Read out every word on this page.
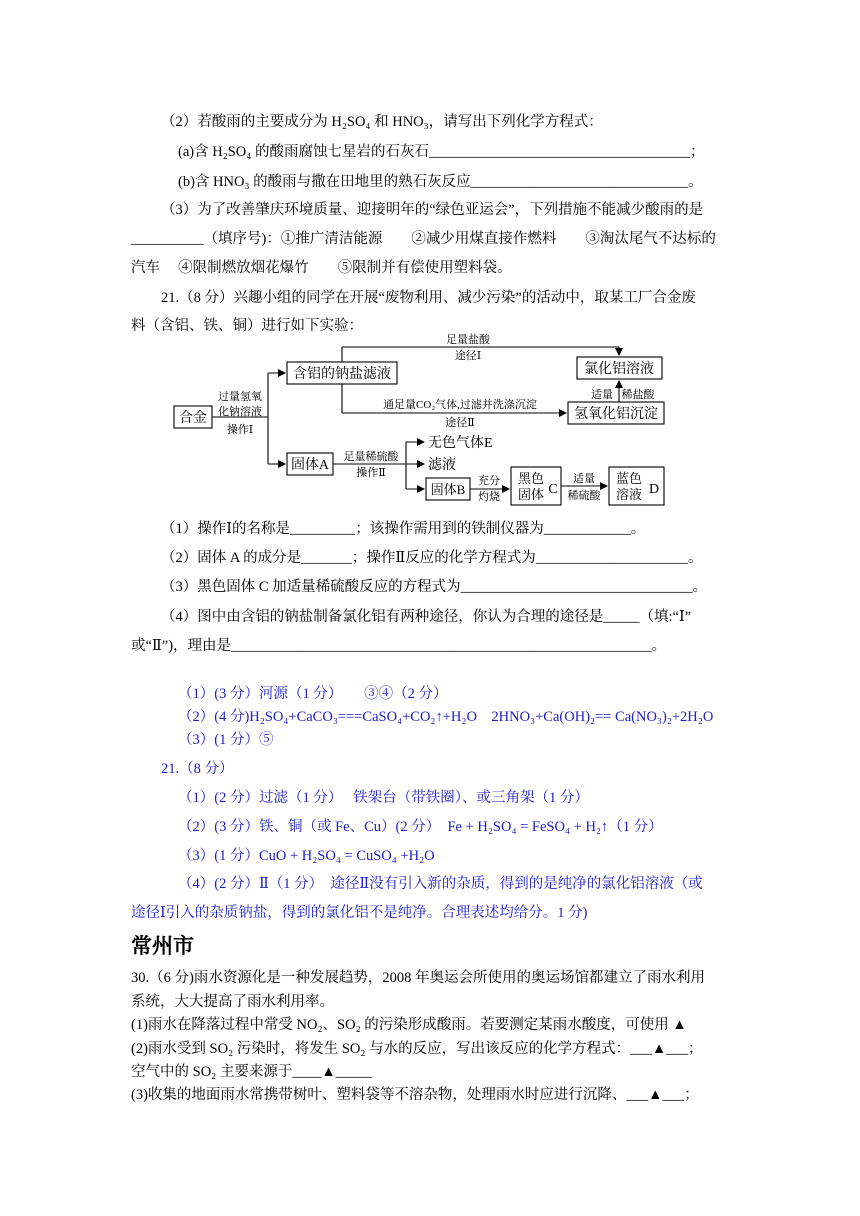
（2）若酸雨的主要成分为 H₂SO₄ 和 HNO₃，请写出下列化学方程式：
(a)含 H₂SO₄ 的酸雨腐蚀七星岩的石灰石____________________________________；
(b)含 HNO₃ 的酸雨与撒在田地里的熟石灰反应______________________________。
（3）为了改善肇庆环境质量、迎接明年的“绿色亚运会”，下列措施不能减少酸雨的是
__________（填序号)：①推广清洁能源　　②减少用煤直接作燃料　　③淘汰尾气不达标的
汽车　 ④限制燃放烟花爆竹　　⑤限制并有偿使用塑料袋。
21.（8 分）兴趣小组的同学在开展“废物利用、减少污染”的活动中，取某工厂合金废
料（含铝、铁、铜）进行如下实验：
合金
含铝的钠盐滤液	氯化铝溶液
氢氧化铝沉淀
固体A
固体B
黑色
固体 C
蓝色
溶液 D
过量氢氧
化钠溶液
操作Ⅰ
足量盐酸
途径Ⅰ
通足量CO₂气体,过滤并洗涤沉淀
途径Ⅱ
适量 稀盐酸
足量稀硫酸
操作Ⅱ
无色气体E
滤液
充分
灼烧
适量
稀硫酸
（1）操作Ⅰ的名称是_________；该操作需用到的铁制仪器为____________。
（2）固体 A 的成分是_______；操作Ⅱ反应的化学方程式为_____________________。
（3）黑色固体 C 加适量稀硫酸反应的方程式为________________________________。
（4）图中由含铝的钠盐制备氯化铝有两种途径，你认为合理的途径是_____（填:“Ⅰ”
或“Ⅱ”)，理由是__________________________________________________________。
（1）(3 分）河源（1 分）　　③④（2 分）
（2）(4 分)H₂SO₄+CaCO₃===CaSO₄+CO₂↑+H₂O　2HNO₃+Ca(OH)₂== Ca(NO₃)₂+2H₂O
（3）(1 分）⑤
21.（8 分）
（1）(2 分）过滤（1 分）　 铁架台（带铁圈）、或三角架（1 分）
（2）(3 分）铁、铜（或 Fe、Cu）(2 分）　Fe + H₂SO₄ = FeSO₄ + H₂↑（1 分）
（3）(1 分）CuO + H₂SO₄ = CuSO₄ +H₂O
（4）(2 分）Ⅱ（1 分）　途径Ⅱ没有引入新的杂质，得到的是纯净的氯化铝溶液（或
途径Ⅰ引入的杂质钠盐，得到的氯化铝不是纯净。合理表述均给分。1 分)
常州市
30.（6 分)雨水资源化是一种发展趋势，2008 年奥运会所使用的奥运场馆都建立了雨水利用
系统，大大提高了雨水利用率。
(1)雨水在降落过程中常受 NO₂、SO₂ 的污染形成酸雨。若要测定某雨水酸度，可使用 ▲
(2)雨水受到 SO₂ 污染时，将发生 SO₂ 与水的反应，写出该反应的化学方程式：___▲___；
空气中的 SO₂ 主要来源于____▲_____
(3)收集的地面雨水常携带树叶、塑料袋等不溶杂物，处理雨水时应进行沉降、___▲___；
